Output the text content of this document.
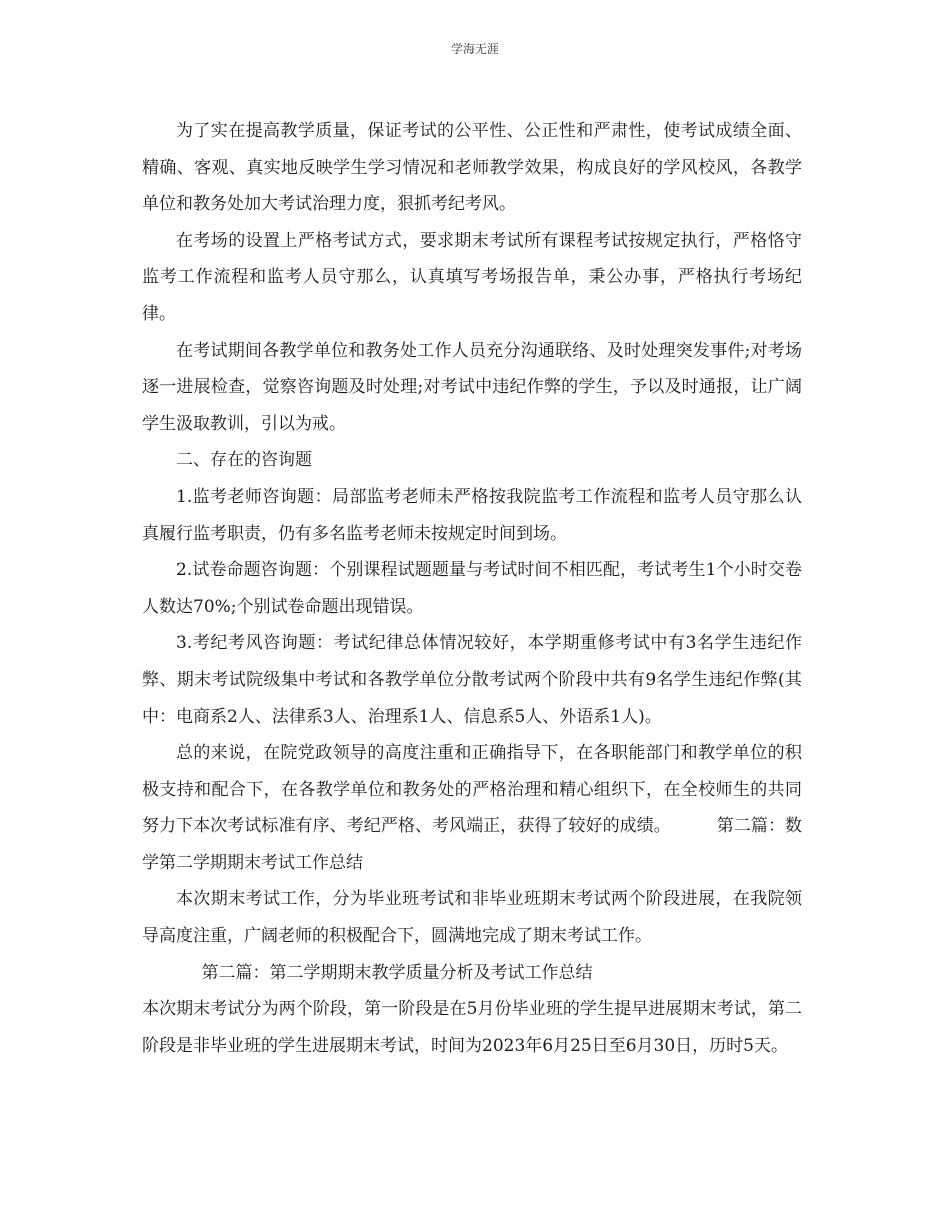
学海无涯

为了实在提高教学质量，保证考试的公平性、公正性和严肃性，使考试成绩全面、精确、客观、真实地反映学生学习情况和老师教学效果，构成良好的学风校风，各教学单位和教务处加大考试治理力度，狠抓考纪考风。

在考场的设置上严格考试方式，要求期末考试所有课程考试按规定执行，严格恪守监考工作流程和监考人员守那么，认真填写考场报告单，秉公办事，严格执行考场纪律。

在考试期间各教学单位和教务处工作人员充分沟通联络、及时处理突发事件;对考场逐一进展检查，觉察咨询题及时处理;对考试中违纪作弊的学生，予以及时通报，让广阔学生汲取教训，引以为戒。

二、存在的咨询题

1.监考老师咨询题：局部监考老师未严格按我院监考工作流程和监考人员守那么认真履行监考职责，仍有多名监考老师未按规定时间到场。

2.试卷命题咨询题：个别课程试题题量与考试时间不相匹配，考试考生1个小时交卷人数达70%;个别试卷命题出现错误。

3.考纪考风咨询题：考试纪律总体情况较好，本学期重修考试中有3名学生违纪作弊、期末考试院级集中考试和各教学单位分散考试两个阶段中共有9名学生违纪作弊(其中：电商系2人、法律系3人、治理系1人、信息系5人、外语系1人)。

总的来说，在院党政领导的高度注重和正确指导下，在各职能部门和教学单位的积极支持和配合下，在各教学单位和教务处的严格治理和精心组织下，在全校师生的共同努力下本次考试标准有序、考纪严格、考风端正，获得了较好的成绩。	第二篇：数学第二学期期末考试工作总结

本次期末考试工作，分为毕业班考试和非毕业班期末考试两个阶段进展，在我院领导高度注重，广阔老师的积极配合下，圆满地完成了期末考试工作。

第二篇：第二学期期末教学质量分析及考试工作总结

本次期末考试分为两个阶段，第一阶段是在5月份毕业班的学生提早进展期末考试，第二阶段是非毕业班的学生进展期末考试，时间为2023年6月25日至6月30日，历时5天。
